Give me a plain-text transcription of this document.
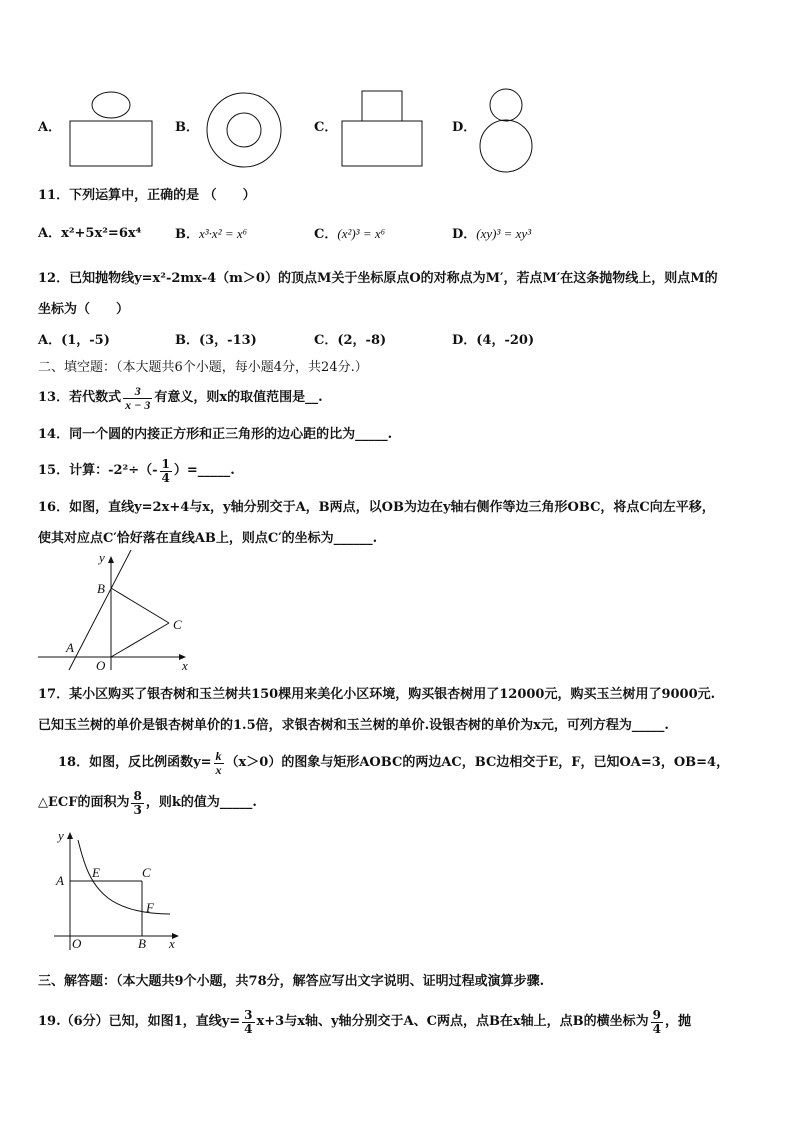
A．	B．	C．	D．
11．下列运算中，正确的是 （　　）
A．x²+5x²=6x⁴	B．x³·x² = x⁶	C．(x²)³ = x⁶	D．(xy)³ = xy³
12．已知抛物线y=x²-2mx-4（m＞0）的顶点M关于坐标原点O的对称点为M′，若点M′在这条抛物线上，则点M的
坐标为（　　）
A．(1，-5)	B．(3，-13)	C．(2，-8)	D．(4，-20)
二、填空题：（本大题共6个小题，每小题4分，共24分.）
13．若代数式 $\frac{3}{x - 3}$ 有意义，则x的取值范围是__.
14．同一个圆的内接正方形和正三角形的边心距的比为_____.
15．计算：$-2^2\div(- \frac{1}{4}$ ）=_____.
16．如图，直线y=2x+4与x，y轴分别交于A，B两点，以OB为边在y轴右侧作等边三角形OBC，将点C向左平移，
使其对应点C′恰好落在直线AB上，则点C′的坐标为______.
y
B
C
A
O	x
17．某小区购买了银杏树和玉兰树共150棵用来美化小区环境，购买银杏树用了12000元，购买玉兰树用了9000元.
已知玉兰树的单价是银杏树单价的1.5倍，求银杏树和玉兰树的单价.设银杏树的单价为x元，可列方程为_____.
18．如图，反比例函数$y= \frac{k}{x} (x>0)$的图象与矩形AOBC的两边AC，BC边相交于E，F，已知OA=3，OB=4，
△ECF的面积为 $\frac{8}{3}$ ，则k的值为_____.
y
A
E	C
F
O	B x
三、解答题：（本大题共9个小题，共78分，解答应写出文字说明、证明过程或演算步骤.
19.（6分）已知，如图1，直线$y= \frac{3}{4} x+3$与x轴、y轴分别交于A、C两点，点B在x轴上，点B的横坐标为 $\frac{9}{4}$ ，抛
